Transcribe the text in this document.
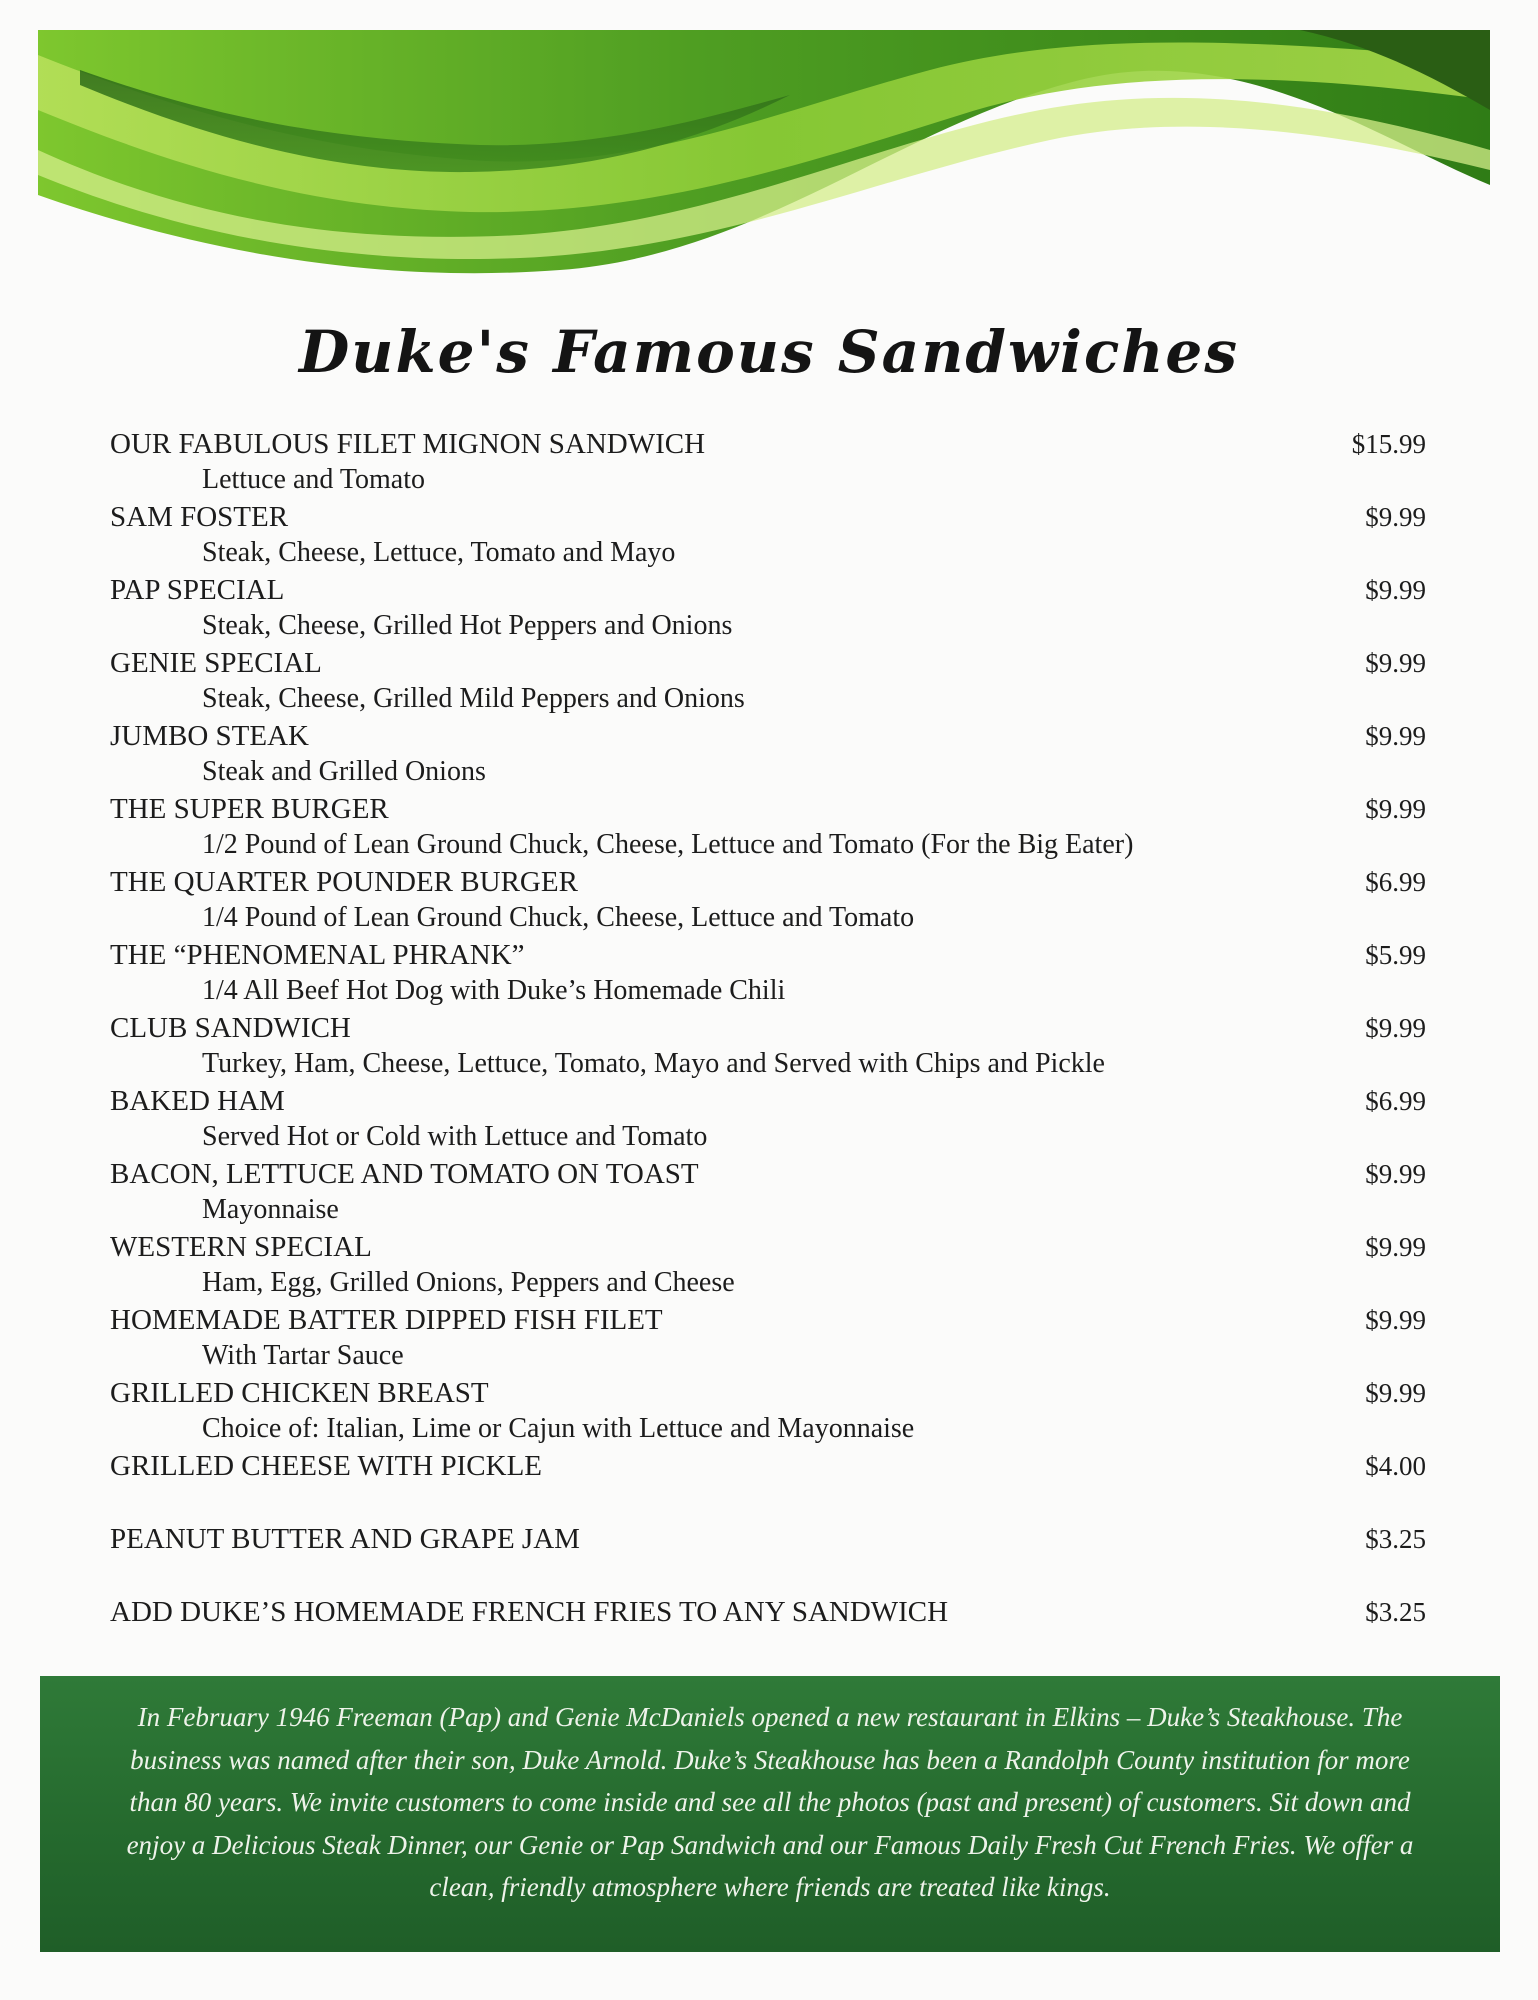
Duke's Famous Sandwiches
OUR FABULOUS FILET MIGNON SANDWICH	$15.99
Lettuce and Tomato
SAM FOSTER	$9.99
Steak, Cheese, Lettuce, Tomato and Mayo
PAP SPECIAL	$9.99
Steak, Cheese, Grilled Hot Peppers and Onions
GENIE SPECIAL	$9.99
Steak, Cheese, Grilled Mild Peppers and Onions
JUMBO STEAK	$9.99
Steak and Grilled Onions
THE SUPER BURGER	$9.99
1/2 Pound of Lean Ground Chuck, Cheese, Lettuce and Tomato (For the Big Eater)
THE QUARTER POUNDER BURGER	$6.99
1/4 Pound of Lean Ground Chuck, Cheese, Lettuce and Tomato
THE “PHENOMENAL PHRANK”	$5.99
1/4 All Beef Hot Dog with Duke’s Homemade Chili
CLUB SANDWICH	$9.99
Turkey, Ham, Cheese, Lettuce, Tomato, Mayo and Served with Chips and Pickle
BAKED HAM	$6.99
Served Hot or Cold with Lettuce and Tomato
BACON, LETTUCE AND TOMATO ON TOAST	$9.99
Mayonnaise
WESTERN SPECIAL	$9.99
Ham, Egg, Grilled Onions, Peppers and Cheese
HOMEMADE BATTER DIPPED FISH FILET	$9.99
With Tartar Sauce
GRILLED CHICKEN BREAST	$9.99
Choice of: Italian, Lime or Cajun with Lettuce and Mayonnaise
GRILLED CHEESE WITH PICKLE	$4.00
PEANUT BUTTER AND GRAPE JAM	$3.25
ADD DUKE’S HOMEMADE FRENCH FRIES TO ANY SANDWICH	$3.25
In February 1946 Freeman (Pap) and Genie McDaniels opened a new restaurant in Elkins – Duke’s Steakhouse. The business was named after their son, Duke Arnold. Duke’s Steakhouse has been a Randolph County institution for more than 80 years. We invite customers to come inside and see all the photos (past and present) of customers. Sit down and enjoy a Delicious Steak Dinner, our Genie or Pap Sandwich and our Famous Daily Fresh Cut French Fries. We offer a clean, friendly atmosphere where friends are treated like kings.
